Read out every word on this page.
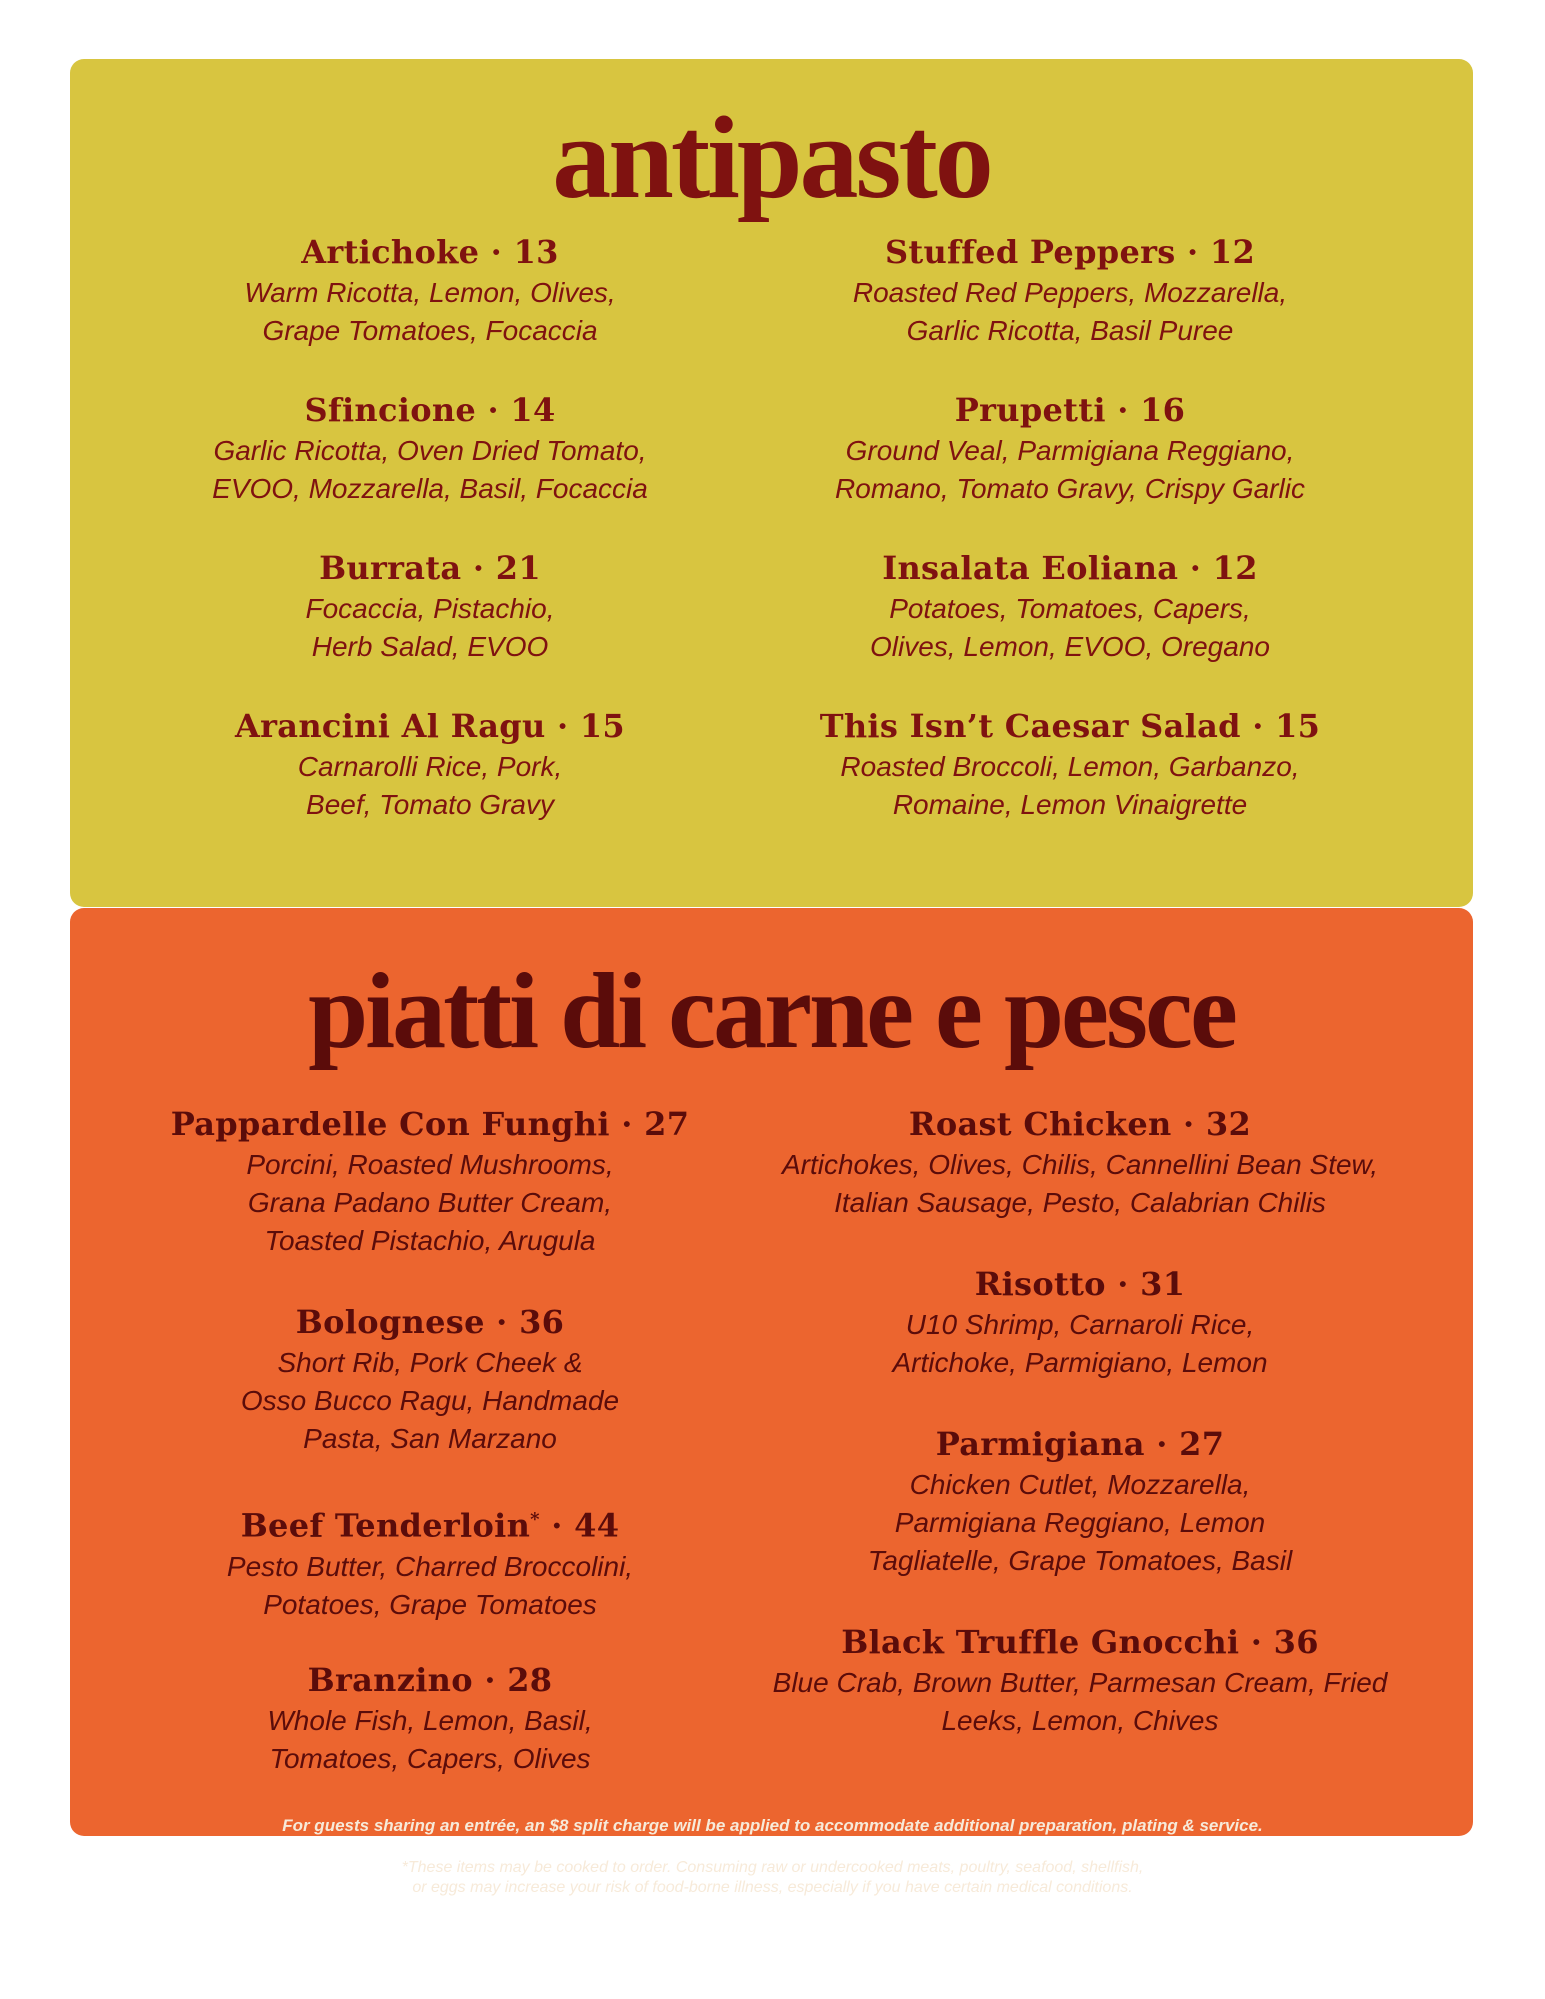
antipasto
Artichoke · 13
Warm Ricotta, Lemon, Olives,
Grape Tomatoes, Focaccia
Sfincione · 14
Garlic Ricotta, Oven Dried Tomato,
EVOO, Mozzarella, Basil, Focaccia
Burrata · 21
Focaccia, Pistachio,
Herb Salad, EVOO
Arancini Al Ragu · 15
Carnarolli Rice, Pork,
Beef, Tomato Gravy
Stuffed Peppers · 12
Roasted Red Peppers, Mozzarella,
Garlic Ricotta, Basil Puree
Prupetti · 16
Ground Veal, Parmigiana Reggiano,
Romano, Tomato Gravy, Crispy Garlic
Insalata Eoliana · 12
Potatoes, Tomatoes, Capers,
Olives, Lemon, EVOO, Oregano
This Isn’t Caesar Salad · 15
Roasted Broccoli, Lemon, Garbanzo,
Romaine, Lemon Vinaigrette
piatti di carne e pesce
Pappardelle Con Funghi · 27
Porcini, Roasted Mushrooms,
Grana Padano Butter Cream,
Toasted Pistachio, Arugula
Bolognese · 36
Short Rib, Pork Cheek &
Osso Bucco Ragu, Handmade
Pasta, San Marzano
Beef Tenderloin* · 44
Pesto Butter, Charred Broccolini,
Potatoes, Grape Tomatoes
Branzino · 28
Whole Fish, Lemon, Basil,
Tomatoes, Capers, Olives
Roast Chicken · 32
Artichokes, Olives, Chilis, Cannellini Bean Stew,
Italian Sausage, Pesto, Calabrian Chilis
Risotto · 31
U10 Shrimp, Carnaroli Rice,
Artichoke, Parmigiano, Lemon
Parmigiana · 27
Chicken Cutlet, Mozzarella,
Parmigiana Reggiano, Lemon
Tagliatelle, Grape Tomatoes, Basil
Black Truffle Gnocchi · 36
Blue Crab, Brown Butter, Parmesan Cream, Fried
Leeks, Lemon, Chives
For guests sharing an entrée, an $8 split charge will be applied to accommodate additional preparation, plating & service.
*These items may be cooked to order. Consuming raw or undercooked meats, poultry, seafood, shellfish,
or eggs may increase your risk of food-borne illness, especially if you have certain medical conditions.
